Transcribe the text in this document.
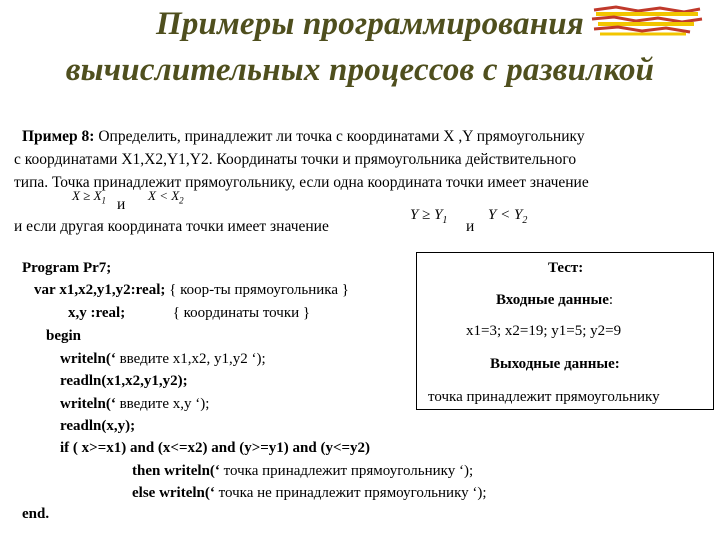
Примеры программирования
вычислительных процессов с развилкой
Пример 8: Определить, принадлежит ли точка с координатами X ,Y прямоугольнику
с координатами X1,X2,Y1,Y2. Координаты точки и прямоугольника действительного
типа. Точка принадлежит прямоугольнику, если одна координата точки имеет значение
$X \ge X_1$ и
$X < X_2$
и если другая координата точки имеет значение
$Y \ge Y_1$ и
$Y < Y_2$
Тест:
Входные данные:
x1=3; x2=19; y1=5; y2=9
Выходные данные:
точка принадлежит прямоугольнику
Program Pr7;
var x1,x2,y1,y2:real; { коор-ты прямоугольника }
x,y :real;	{ координаты точки }
begin
writeln(‘ введите x1,x2, y1,y2 ‘);
readln(x1,x2,y1,y2);
writeln(‘ введите x,y ‘);
readln(x,y);
if ( x>=x1) and (x<=x2) and (y>=y1) and (y<=y2)
then writeln(‘ точка принадлежит прямоугольнику ‘);
else writeln(‘ точка не принадлежит прямоугольнику ‘);
end.
